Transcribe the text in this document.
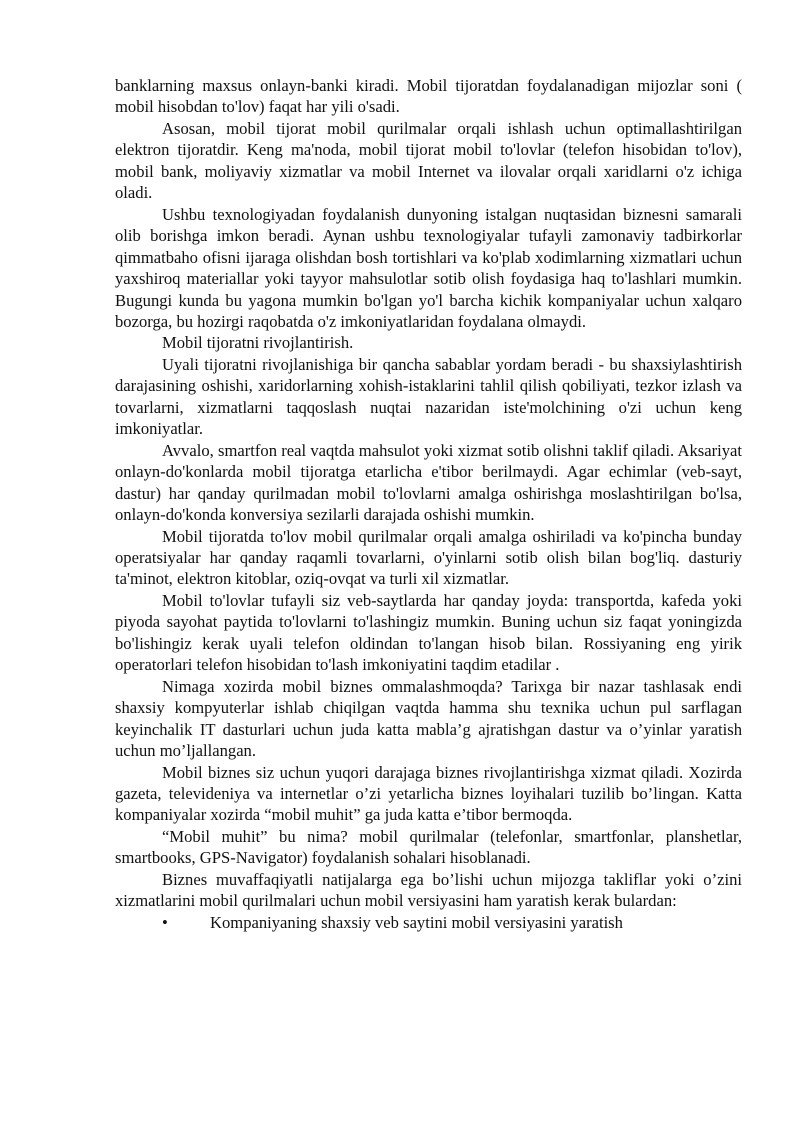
banklarning maxsus onlayn-banki kiradi. Mobil tijoratdan foydalanadigan mijozlar soni ( mobil hisobdan to'lov) faqat har yili o'sadi.

Asosan, mobil tijorat mobil qurilmalar orqali ishlash uchun optimallashtirilgan elektron tijoratdir. Keng ma'noda, mobil tijorat mobil to'lovlar (telefon hisobidan to'lov), mobil bank, moliyaviy xizmatlar va mobil Internet va ilovalar orqali xaridlarni o'z ichiga oladi.

Ushbu texnologiyadan foydalanish dunyoning istalgan nuqtasidan biznesni samarali olib borishga imkon beradi. Aynan ushbu texnologiyalar tufayli zamonaviy tadbirkorlar qimmatbaho ofisni ijaraga olishdan bosh tortishlari va ko'plab xodimlarning xizmatlari uchun yaxshiroq materiallar yoki tayyor mahsulotlar sotib olish foydasiga haq to'lashlari mumkin. Bugungi kunda bu yagona mumkin bo'lgan yo'l barcha kichik kompaniyalar uchun xalqaro bozorga, bu hozirgi raqobatda o'z imkoniyatlaridan foydalana olmaydi.

Mobil tijoratni rivojlantirish.

Uyali tijoratni rivojlanishiga bir qancha sabablar yordam beradi - bu shaxsiylashtirish darajasining oshishi, xaridorlarning xohish-istaklarini tahlil qilish qobiliyati, tezkor izlash va tovarlarni, xizmatlarni taqqoslash nuqtai nazaridan iste'molchining o'zi uchun keng imkoniyatlar.

Avvalo, smartfon real vaqtda mahsulot yoki xizmat sotib olishni taklif qiladi. Aksariyat onlayn-do'konlarda mobil tijoratga etarlicha e'tibor berilmaydi. Agar echimlar (veb-sayt, dastur) har qanday qurilmadan mobil to'lovlarni amalga oshirishga moslashtirilgan bo'lsa, onlayn-do'konda konversiya sezilarli darajada oshishi mumkin.

Mobil tijoratda to'lov mobil qurilmalar orqali amalga oshiriladi va ko'pincha bunday operatsiyalar har qanday raqamli tovarlarni, o'yinlarni sotib olish bilan bog'liq. dasturiy ta'minot, elektron kitoblar, oziq-ovqat va turli xil xizmatlar.

Mobil to'lovlar tufayli siz veb-saytlarda har qanday joyda: transportda, kafeda yoki piyoda sayohat paytida to'lovlarni to'lashingiz mumkin. Buning uchun siz faqat yoningizda bo'lishingiz kerak uyali telefon oldindan to'langan hisob bilan. Rossiyaning eng yirik operatorlari telefon hisobidan to'lash imkoniyatini taqdim etadilar .

Nimaga xozirda mobil biznes ommalashmoqda? Tarixga bir nazar tashlasak endi shaxsiy kompyuterlar ishlab chiqilgan vaqtda hamma shu texnika uchun pul sarflagan keyinchalik IT dasturlari uchun juda katta mabla’g ajratishgan dastur va o’yinlar yaratish uchun mo’ljallangan.

Mobil biznes siz uchun yuqori darajaga biznes rivojlantirishga xizmat qiladi. Xozirda gazeta, televideniya va internetlar o’zi yetarlicha biznes loyihalari tuzilib bo’lingan. Katta kompaniyalar xozirda “mobil muhit” ga juda katta e’tibor bermoqda.

“Mobil muhit” bu nima? mobil qurilmalar (telefonlar, smartfonlar, planshetlar, smartbooks, GPS-Navigator) foydalanish sohalari hisoblanadi.

Biznes muvaffaqiyatli natijalarga ega bo’lishi uchun mijozga takliflar yoki o’zini xizmatlarini mobil qurilmalari uchun mobil versiyasini ham yaratish kerak bulardan:

•	Kompaniyaning shaxsiy veb saytini mobil versiyasini yaratish
